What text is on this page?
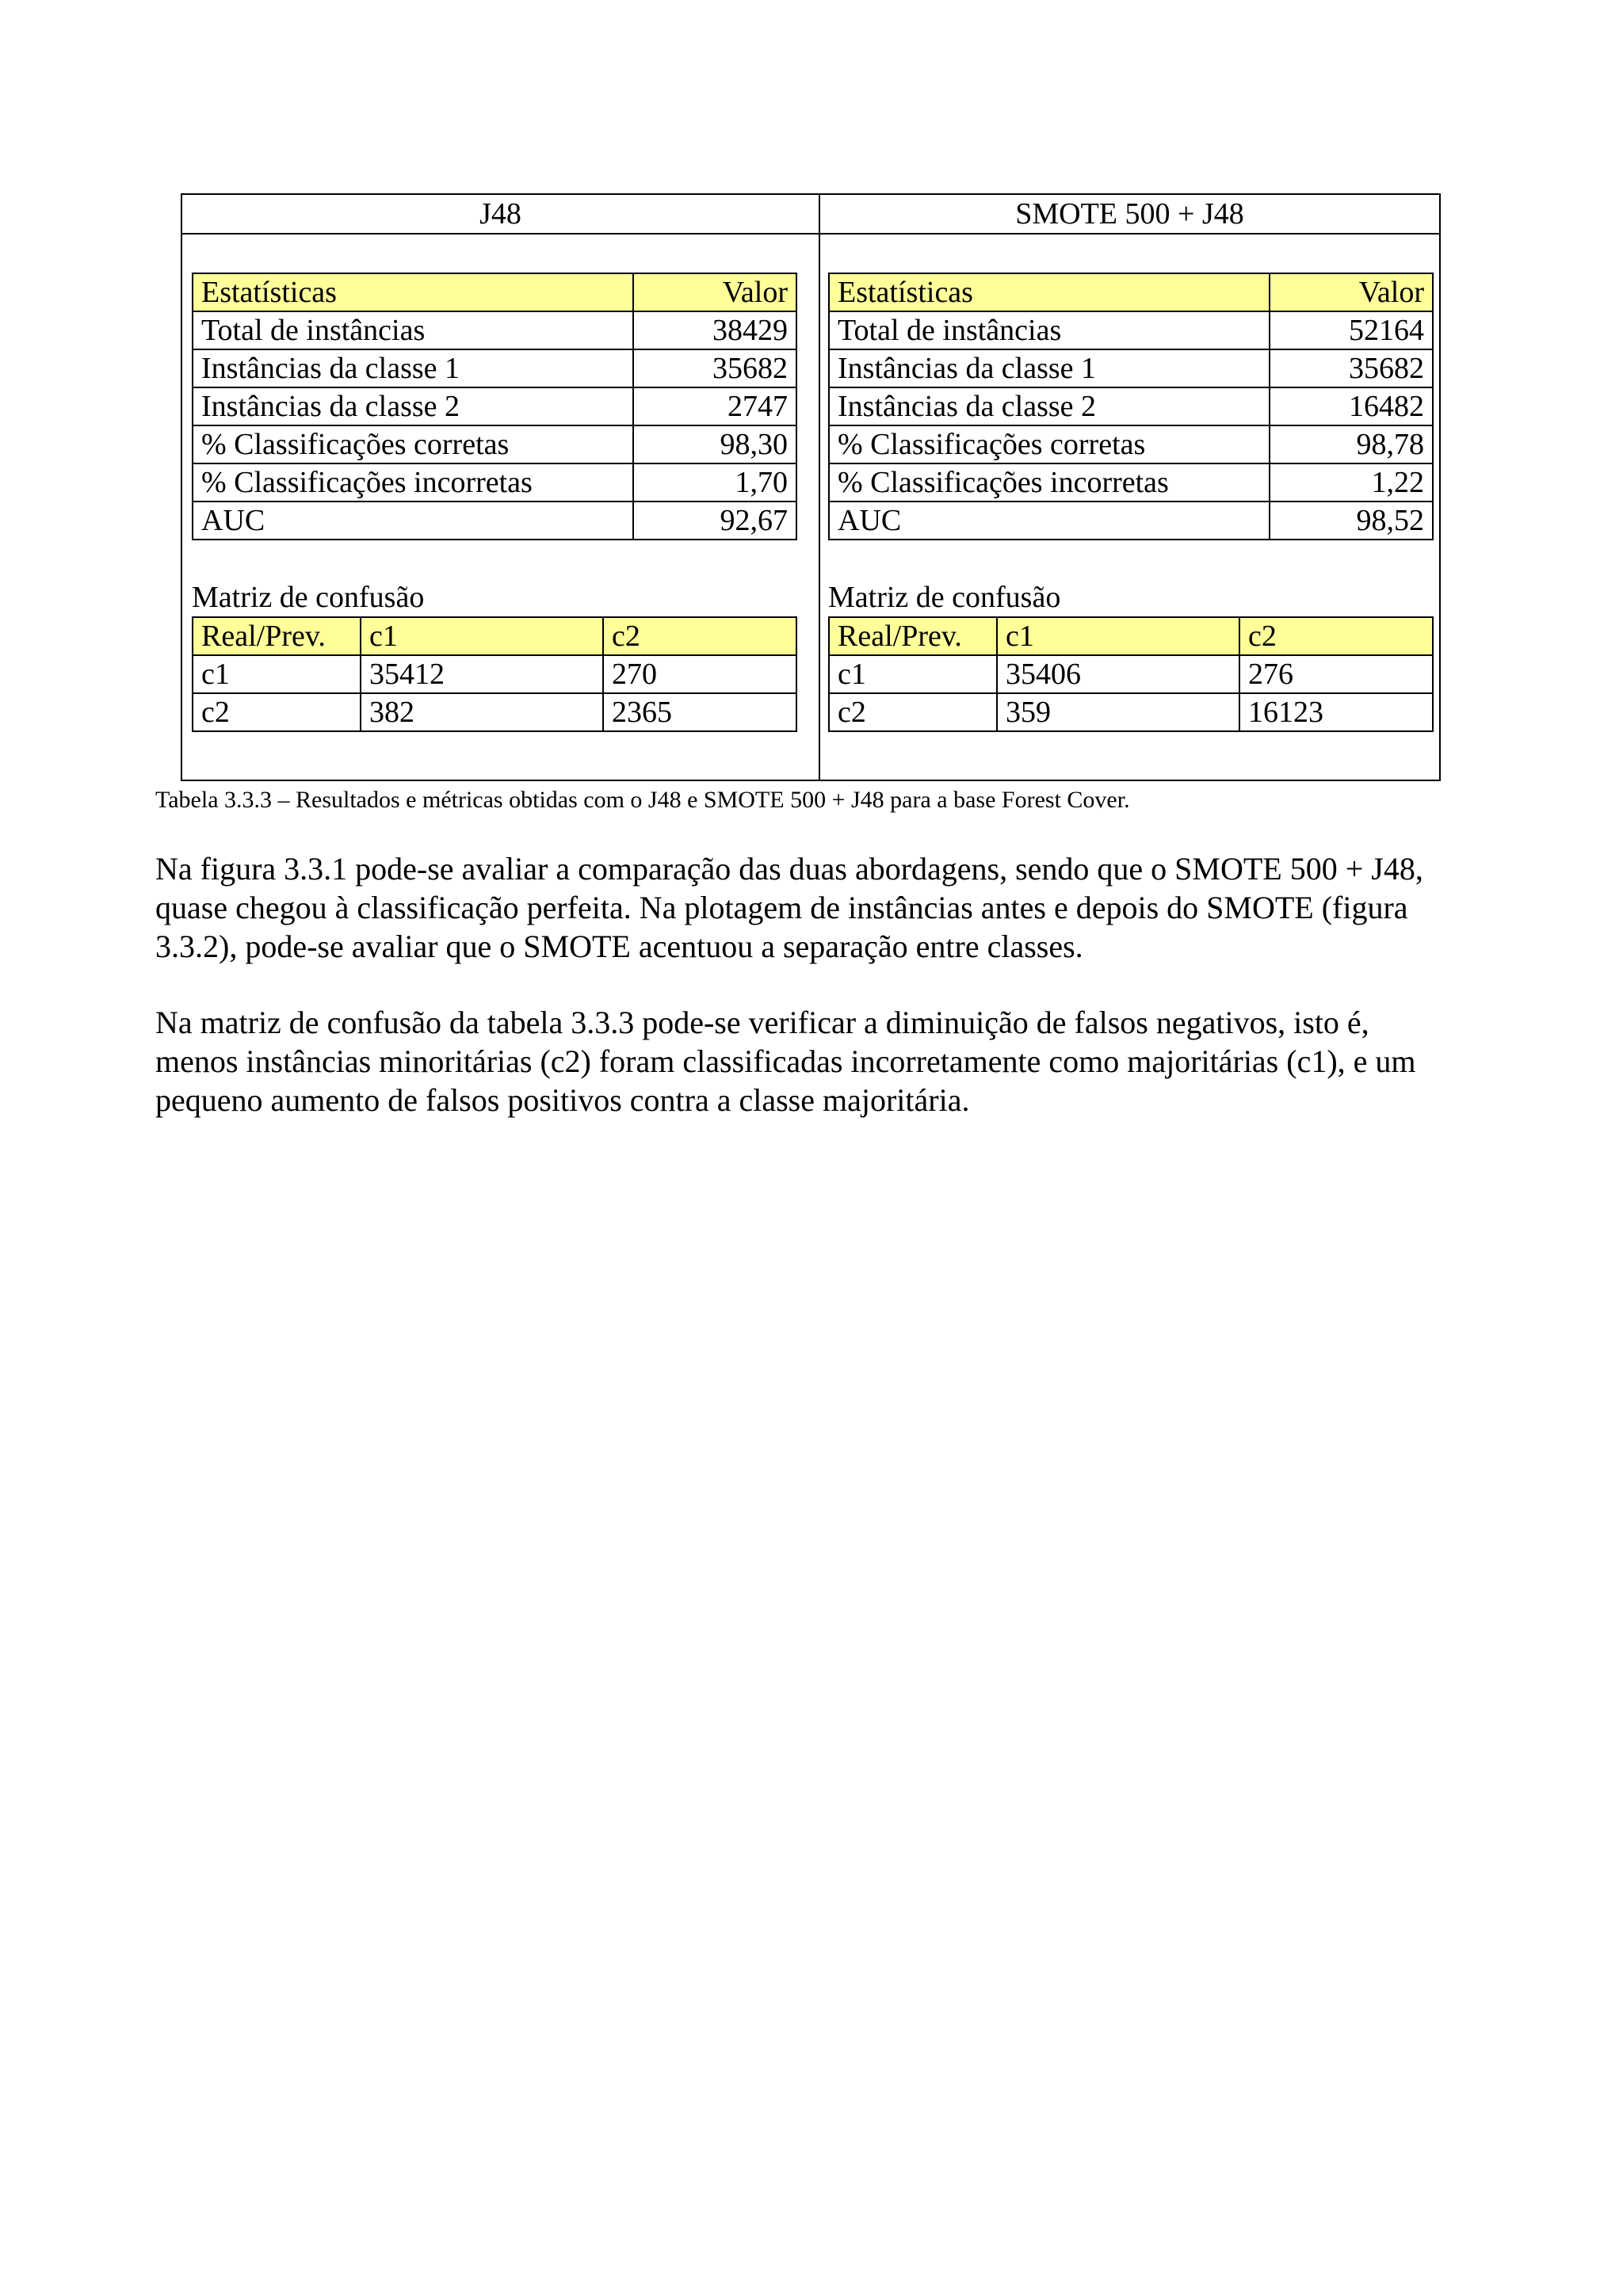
J48	SMOTE 500 + J48
Estatísticas	Valor
Total de instâncias	38429
Instâncias da classe 1	35682
Instâncias da classe 2	2747
% Classificações corretas	98,30
% Classificações incorretas	1,70
AUC	92,67
Matriz de confusão
Real/Prev.	c1	c2
c1	35412	270
c2	382	2365
Estatísticas	Valor
Total de instâncias	52164
Instâncias da classe 1	35682
Instâncias da classe 2	16482
% Classificações corretas	98,78
% Classificações incorretas	1,22
AUC	98,52
Matriz de confusão
Real/Prev.	c1	c2
c1	35406	276
c2	359	16123
Tabela 3.3.3 – Resultados e métricas obtidas com o J48 e SMOTE 500 + J48 para a base Forest Cover.

Na figura 3.3.1 pode-se avaliar a comparação das duas abordagens, sendo que o SMOTE 500 + J48,
quase chegou à classificação perfeita. Na plotagem de instâncias antes e depois do SMOTE (figura
3.3.2), pode-se avaliar que o SMOTE acentuou a separação entre classes.

Na matriz de confusão da tabela 3.3.3 pode-se verificar a diminuição de falsos negativos, isto é,
menos instâncias minoritárias (c2) foram classificadas incorretamente como majoritárias (c1), e um
pequeno aumento de falsos positivos contra a classe majoritária.
